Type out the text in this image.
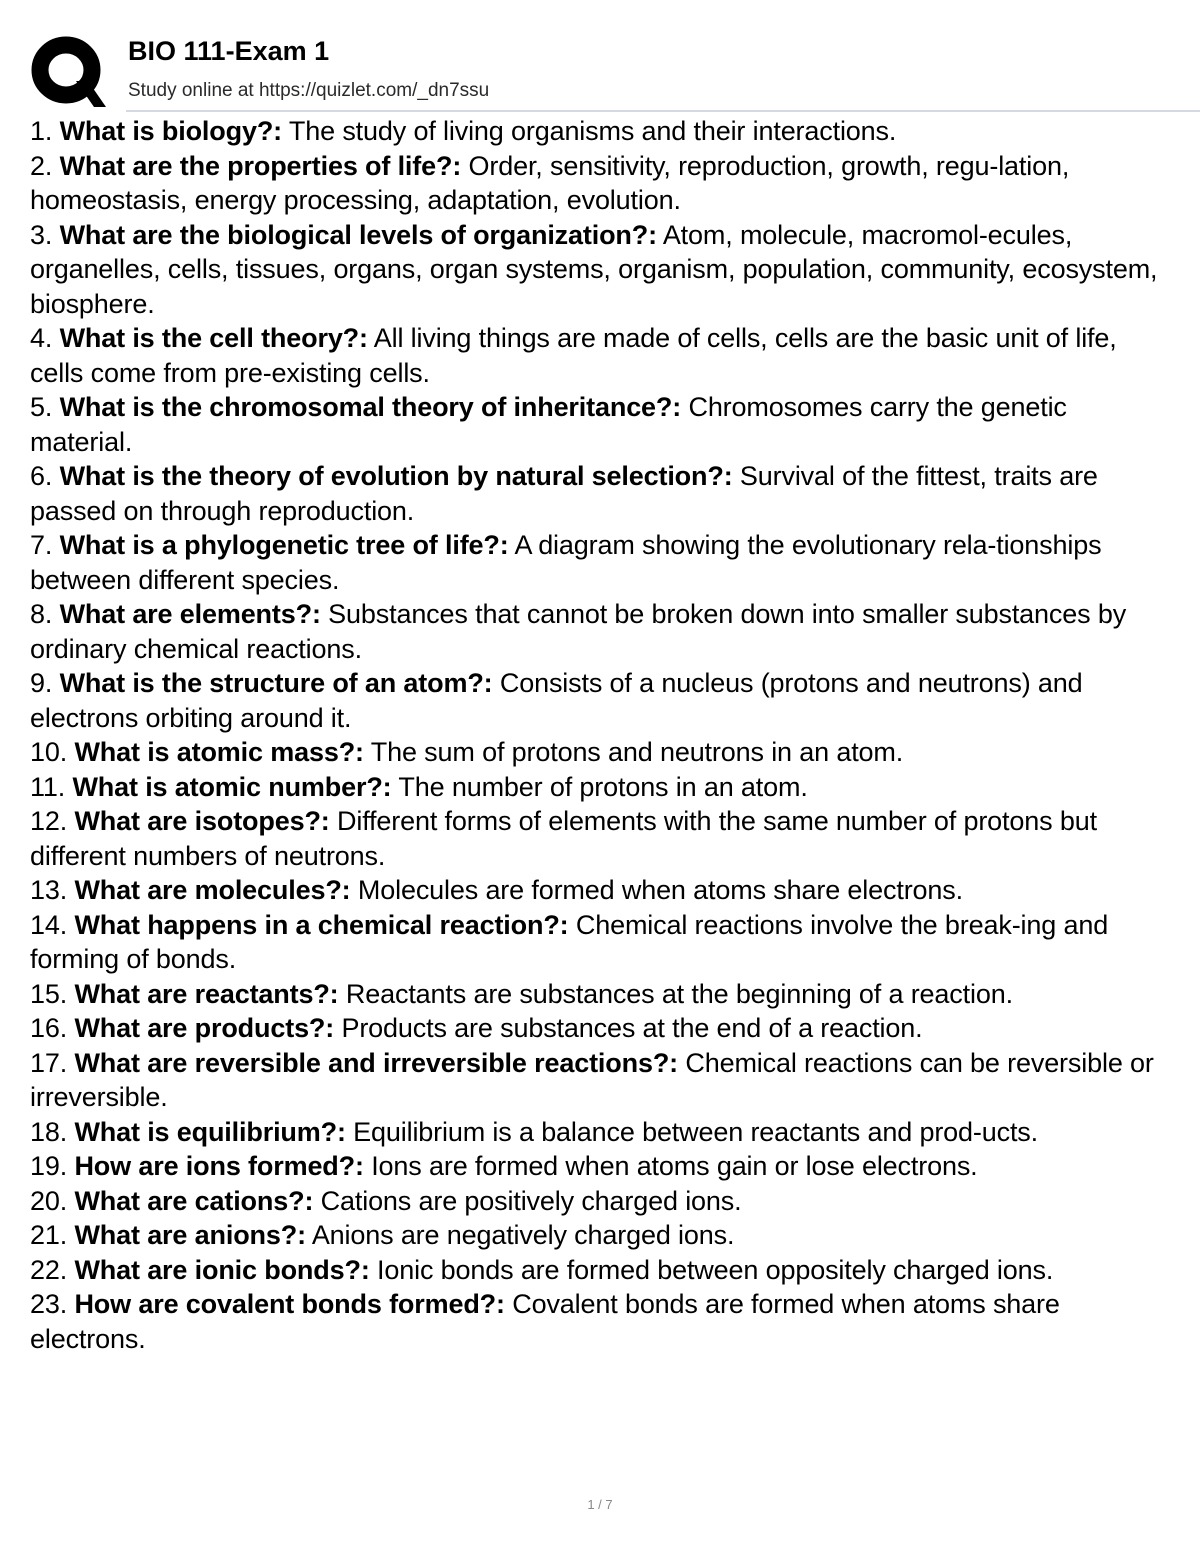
BIO 111-Exam 1
Study online at https://quizlet.com/_dn7ssu
1. What is biology?: The study of living organisms and their interactions.
2. What are the properties of life?: Order, sensitivity, reproduction, growth, regu-lation, homeostasis, energy processing, adaptation, evolution.
3. What are the biological levels of organization?: Atom, molecule, macromol-ecules, organelles, cells, tissues, organs, organ systems, organism, population, community, ecosystem, biosphere.
4. What is the cell theory?: All living things are made of cells, cells are the basic unit of life, cells come from pre-existing cells.
5. What is the chromosomal theory of inheritance?: Chromosomes carry the genetic material.
6. What is the theory of evolution by natural selection?: Survival of the fittest, traits are passed on through reproduction.
7. What is a phylogenetic tree of life?: A diagram showing the evolutionary rela-tionships between different species.
8. What are elements?: Substances that cannot be broken down into smaller substances by ordinary chemical reactions.
9. What is the structure of an atom?: Consists of a nucleus (protons and neutrons) and electrons orbiting around it.
10. What is atomic mass?: The sum of protons and neutrons in an atom.
11. What is atomic number?: The number of protons in an atom.
12. What are isotopes?: Different forms of elements with the same number of protons but different numbers of neutrons.
13. What are molecules?: Molecules are formed when atoms share electrons.
14. What happens in a chemical reaction?: Chemical reactions involve the break-ing and forming of bonds.
15. What are reactants?: Reactants are substances at the beginning of a reaction.
16. What are products?: Products are substances at the end of a reaction.
17. What are reversible and irreversible reactions?: Chemical reactions can be reversible or irreversible.
18. What is equilibrium?: Equilibrium is a balance between reactants and prod-ucts.
19. How are ions formed?: Ions are formed when atoms gain or lose electrons.
20. What are cations?: Cations are positively charged ions.
21. What are anions?: Anions are negatively charged ions.
22. What are ionic bonds?: Ionic bonds are formed between oppositely charged ions.
23. How are covalent bonds formed?: Covalent bonds are formed when atoms share electrons.
1 / 7
